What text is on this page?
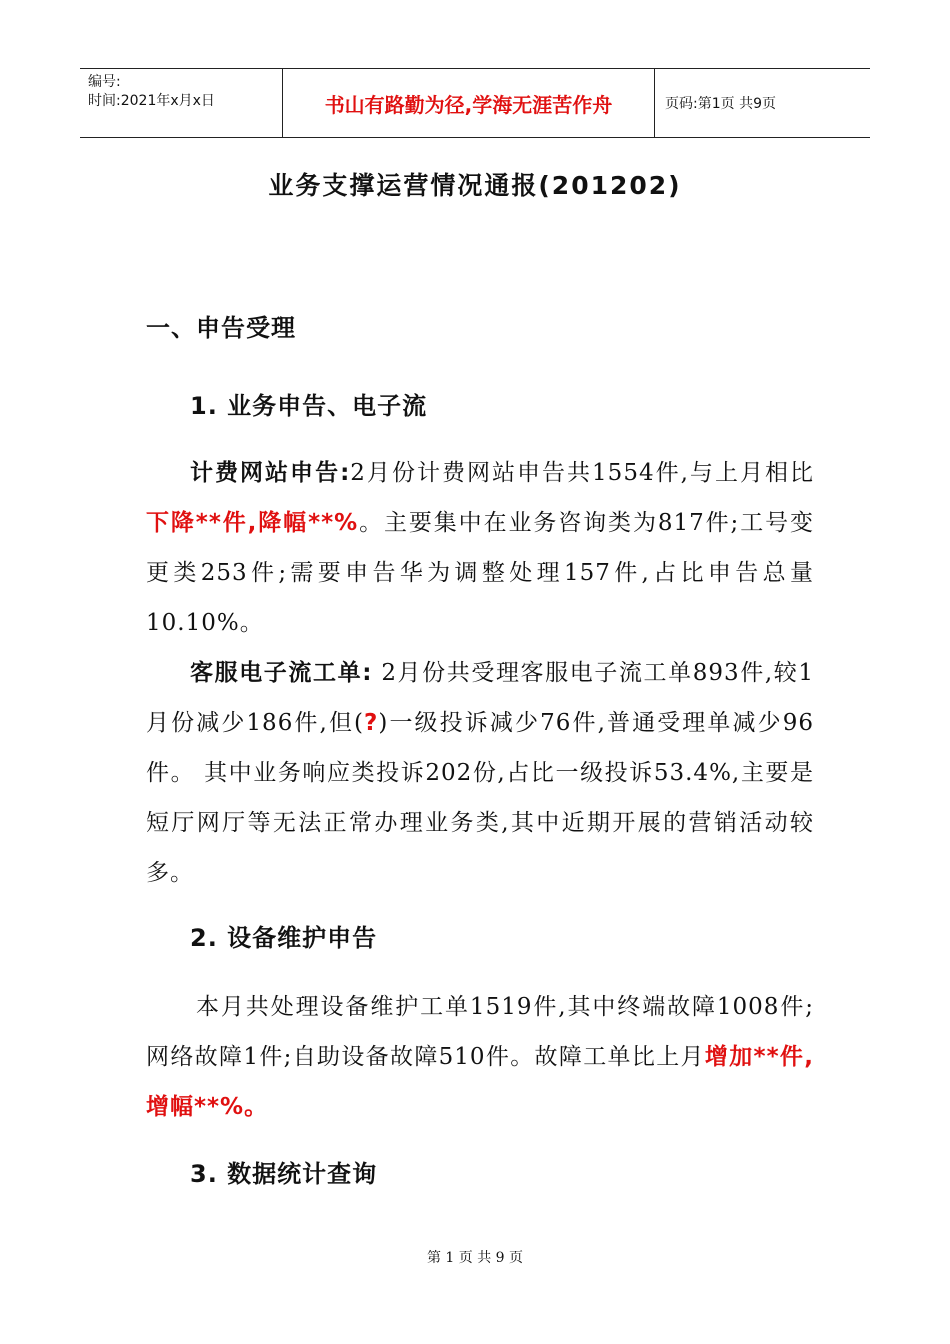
编号:
时间:2021年x月x日	书山有路勤为径,学海无涯苦作舟	页码:第1页 共9页
业务支撑运营情况通报(201202)
一、申告受理
1. 业务申告、电子流
计费网站申告:2月份计费网站申告共1554件,与上月相比下降**件,降幅**%。主要集中在业务咨询类为817件;工号变更类253件;需要申告华为调整处理157件,占比申告总量10.10%。
客服电子流工单: 2月份共受理客服电子流工单893件,较1月份减少186件,但(?)一级投诉减少76件,普通受理单减少96件。 其中业务响应类投诉202份,占比一级投诉53.4%,主要是短厅网厅等无法正常办理业务类,其中近期开展的营销活动较多。
2. 设备维护申告
本月共处理设备维护工单1519件,其中终端故障1008件;网络故障1件;自助设备故障510件。故障工单比上月增加**件,增幅**%。
3. 数据统计查询
第 1 页 共 9 页
